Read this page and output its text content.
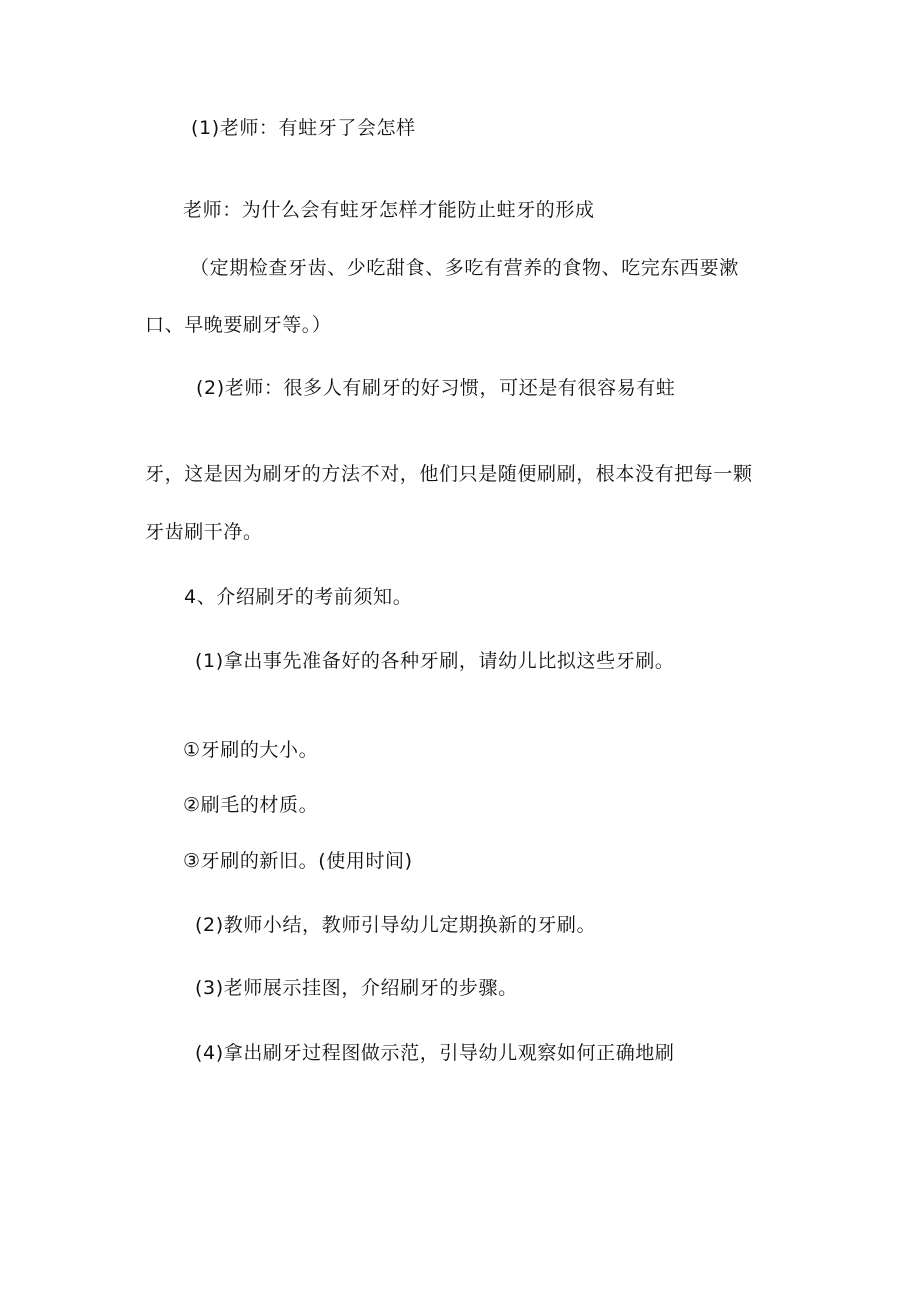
(1)老师：有蛀牙了会怎样
老师：为什么会有蛀牙怎样才能防止蛀牙的形成
（定期检查牙齿、少吃甜食、多吃有营养的食物、吃完东西要漱
口、早晚要刷牙等。）
(2)老师：很多人有刷牙的好习惯，可还是有很容易有蛀
牙，这是因为刷牙的方法不对，他们只是随便刷刷，根本没有把每一颗
牙齿刷干净。
4、介绍刷牙的考前须知。
(1)拿出事先准备好的各种牙刷，请幼儿比拟这些牙刷。
①牙刷的大小。
②刷毛的材质。
③牙刷的新旧。(使用时间)
(2)教师小结，教师引导幼儿定期换新的牙刷。
(3)老师展示挂图，介绍刷牙的步骤。
(4)拿出刷牙过程图做示范，引导幼儿观察如何正确地刷
